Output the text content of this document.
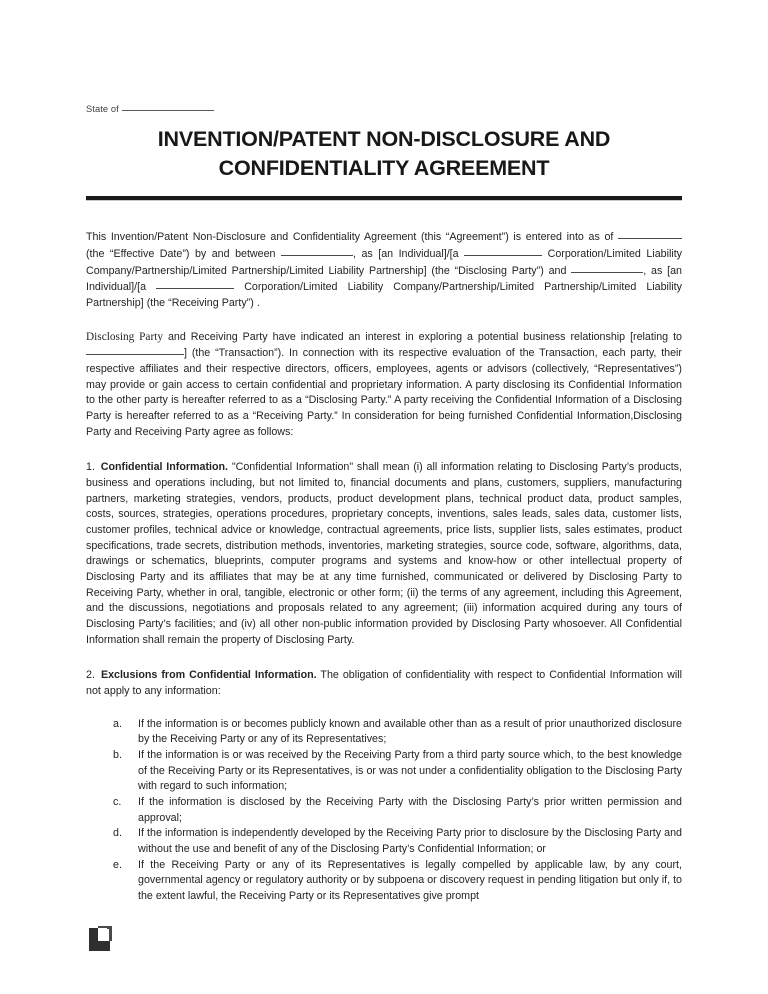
State of
INVENTION/PATENT NON-DISCLOSURE AND
CONFIDENTIALITY AGREEMENT

This Invention/Patent Non-Disclosure and Confidentiality Agreement (this “Agreement”) is entered into as of  (the “Effective Date”) by and between	, as [an Individual]/[a	Corporation/Limited Liability Company/Partnership/Limited Partnership/Limited Liability Partnership] (the “Disclosing Party”) and	, as [an Individual]/[a	Corporation/Limited Liability Company/Partnership/Limited Partnership/Limited Liability Partnership] (the “Receiving Party”) .

Disclosing Party and Receiving Party have indicated an interest in exploring a potential business relationship [relating to ] (the “Transaction”). In connection with its respective evaluation of the Transaction, each party, their respective affiliates and their respective directors, officers, employees, agents or advisors (collectively, “Representatives”) may provide or gain access to certain confidential and proprietary information. A party disclosing its Confidential Information to the other party is hereafter referred to as a “Disclosing Party.” A party receiving the Confidential Information of a Disclosing Party is hereafter referred to as a “Receiving Party.” In consideration for being furnished Confidential Information,Disclosing Party and Receiving Party agree as follows:

1. Confidential Information. "Confidential Information" shall mean (i) all information relating to Disclosing Party’s products, business and operations including, but not limited to, financial documents and plans, customers, suppliers, manufacturing partners, marketing strategies, vendors, products, product development plans, technical product data, product samples, costs, sources, strategies, operations procedures, proprietary concepts, inventions, sales leads, sales data, customer lists, customer profiles, technical advice or knowledge, contractual agreements, price lists, supplier lists, sales estimates, product specifications, trade secrets, distribution methods, inventories, marketing strategies, source code, software, algorithms, data, drawings or schematics, blueprints, computer programs and systems and know-how or other intellectual property of Disclosing Party and its affiliates that may be at any time furnished, communicated or delivered by Disclosing Party to Receiving Party, whether in oral, tangible, electronic or other form; (ii) the terms of any agreement, including this Agreement, and the discussions, negotiations and proposals related to any agreement; (iii) information acquired during any tours of Disclosing Party’s facilities; and (iv) all other non-public information provided by Disclosing Party whosoever. All Confidential Information shall remain the property of Disclosing Party.

2. Exclusions from Confidential Information. The obligation of confidentiality with respect to Confidential Information will not apply to any information:

a.	If the information is or becomes publicly known and available other than as a result of prior unauthorized disclosure by the Receiving Party or any of its Representatives;
b.	If the information is or was received by the Receiving Party from a third party source which, to the best knowledge of the Receiving Party or its Representatives, is or was not under a confidentiality obligation to the Disclosing Party with regard to such information;
c.	If the information is disclosed by the Receiving Party with the Disclosing Party’s prior written permission and approval;
d.	If the information is independently developed by the Receiving Party prior to disclosure by the Disclosing Party and without the use and benefit of any of the Disclosing Party’s Confidential Information; or
e.	If the Receiving Party or any of its Representatives is legally compelled by applicable law, by any court, governmental agency or regulatory authority or by subpoena or discovery request in pending litigation but only if, to the extent lawful, the Receiving Party or its Representatives give prompt
